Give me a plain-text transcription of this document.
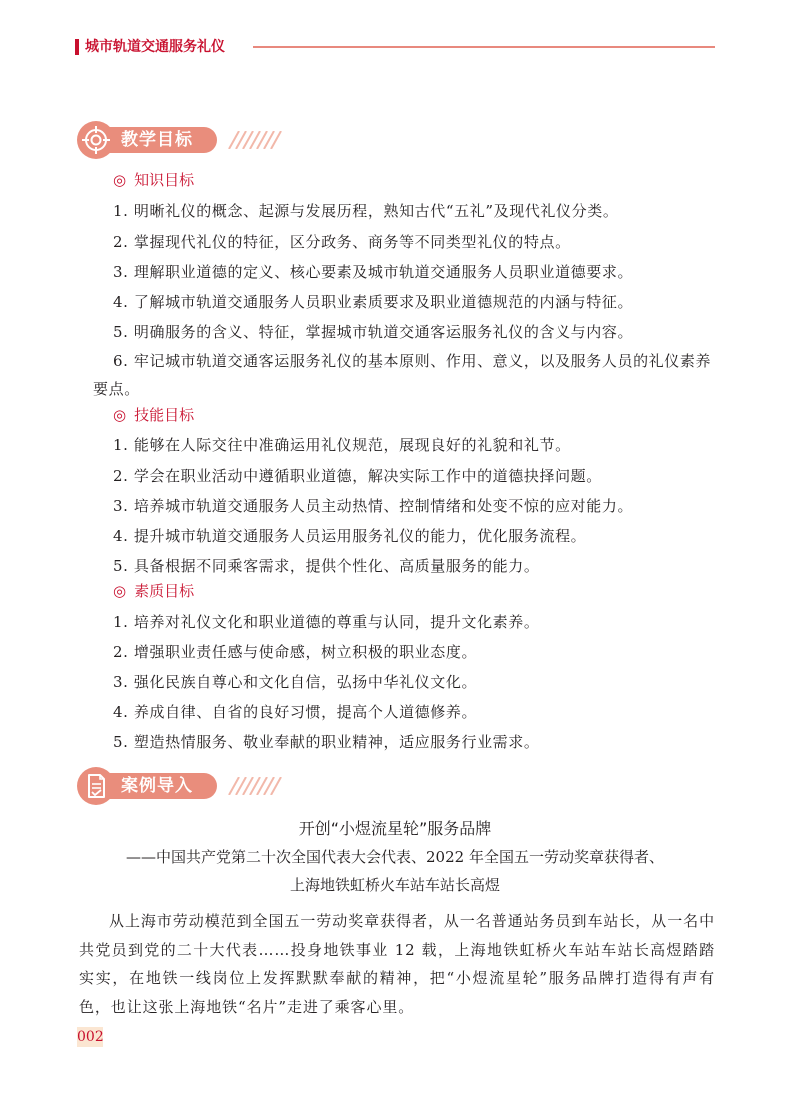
城市轨道交通服务礼仪
教学目标
◎ 知识目标
1. 明晰礼仪的概念、起源与发展历程，熟知古代“五礼”及现代礼仪分类。
2. 掌握现代礼仪的特征，区分政务、商务等不同类型礼仪的特点。
3. 理解职业道德的定义、核心要素及城市轨道交通服务人员职业道德要求。
4. 了解城市轨道交通服务人员职业素质要求及职业道德规范的内涵与特征。
5. 明确服务的含义、特征，掌握城市轨道交通客运服务礼仪的含义与内容。
6. 牢记城市轨道交通客运服务礼仪的基本原则、作用、意义，以及服务人员的礼仪素养要点。
◎ 技能目标
1. 能够在人际交往中准确运用礼仪规范，展现良好的礼貌和礼节。
2. 学会在职业活动中遵循职业道德，解决实际工作中的道德抉择问题。
3. 培养城市轨道交通服务人员主动热情、控制情绪和处变不惊的应对能力。
4. 提升城市轨道交通服务人员运用服务礼仪的能力，优化服务流程。
5. 具备根据不同乘客需求，提供个性化、高质量服务的能力。
◎ 素质目标
1. 培养对礼仪文化和职业道德的尊重与认同，提升文化素养。
2. 增强职业责任感与使命感，树立积极的职业态度。
3. 强化民族自尊心和文化自信，弘扬中华礼仪文化。
4. 养成自律、自省的良好习惯，提高个人道德修养。
5. 塑造热情服务、敬业奉献的职业精神，适应服务行业需求。
案例导入
开创“小煜流星轮”服务品牌
——中国共产党第二十次全国代表大会代表、2022 年全国五一劳动奖章获得者、
上海地铁虹桥火车站车站长高煜
从上海市劳动模范到全国五一劳动奖章获得者，从一名普通站务员到车站长，从一名中共党员到党的二十大代表……投身地铁事业 12 载，上海地铁虹桥火车站车站长高煜踏踏实实，在地铁一线岗位上发挥默默奉献的精神，把“小煜流星轮”服务品牌打造得有声有色，也让这张上海地铁“名片”走进了乘客心里。
002
